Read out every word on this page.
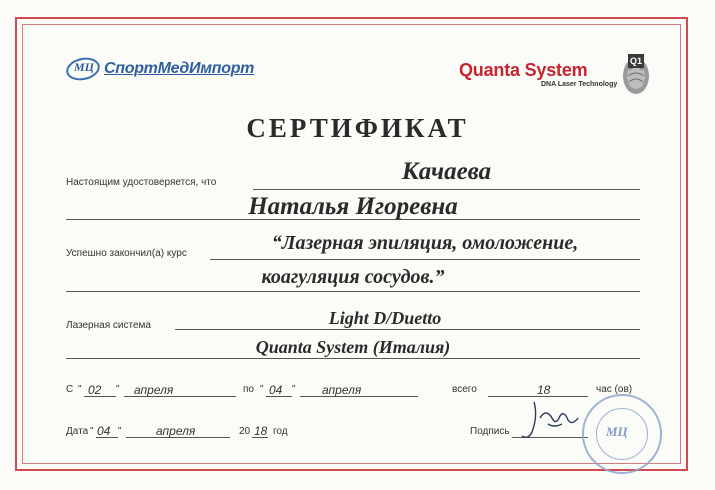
МЦ СпортМедИмпорт	Quanta System
DNA Laser Technology
Q1
СЕРТИФИКАТ
Настоящим удостоверяется, что	Качаева
Наталья Игоревна
Успешно закончил(а) курс	“Лазерная эпиляция, омоложение,
коагуляция сосудов.”
Лазерная система	Light D/Duetto
Quanta System (Италия)
С " 02 " апреля	по " 04 " апреля	всего	18	час (ов)
Дата " 04 "	апреля	20 18 год	Подпись	МЦ
